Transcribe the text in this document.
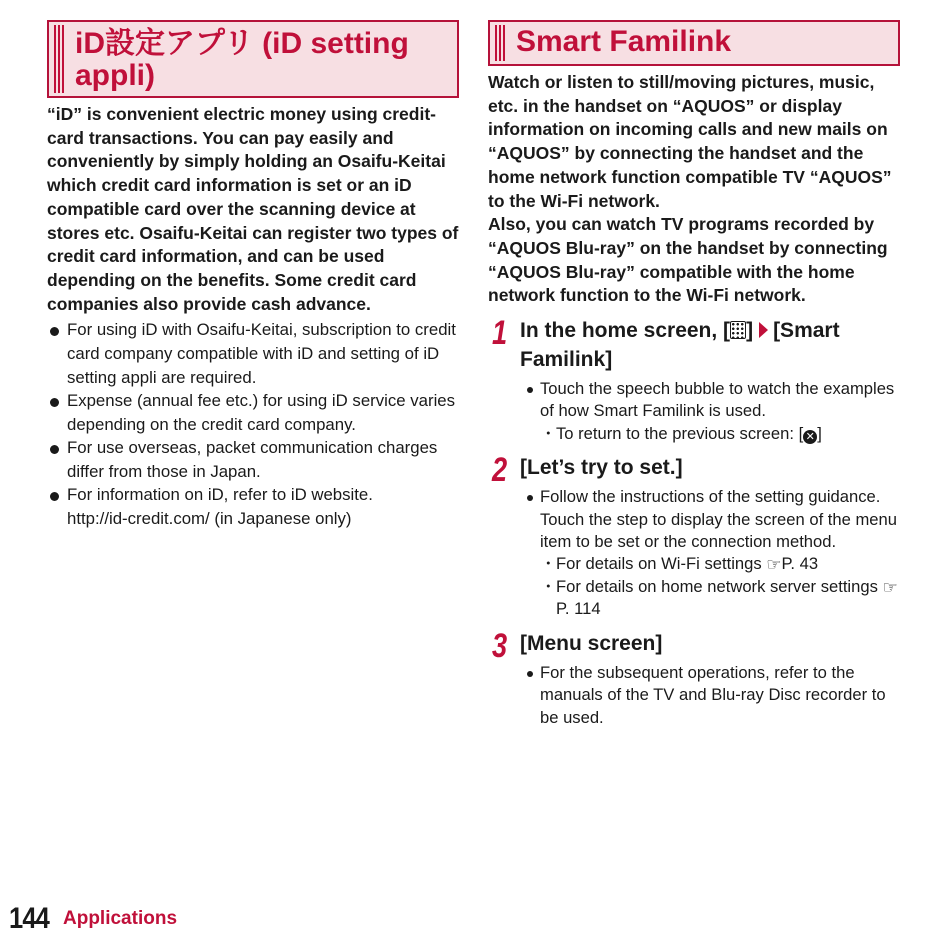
iD設定アプリ (iD setting appli)

“iD” is convenient electric money using credit-card transactions. You can pay easily and conveniently by simply holding an Osaifu-Keitai which credit card information is set or an iD compatible card over the scanning device at stores etc. Osaifu-Keitai can register two types of credit card information, and can be used depending on the benefits. Some credit card companies also provide cash advance.

For using iD with Osaifu-Keitai, subscription to credit card company compatible with iD and setting of iD setting appli are required.
Expense (annual fee etc.) for using iD service varies depending on the credit card company.
For use overseas, packet communication charges differ from those in Japan.
For information on iD, refer to iD website.
http://id-credit.com/ (in Japanese only)
Smart Familink

Watch or listen to still/moving pictures, music, etc. in the handset on “AQUOS” or display information on incoming calls and new mails on “AQUOS” by connecting the handset and the home network function compatible TV “AQUOS” to the Wi-Fi network.

Also, you can watch TV programs recorded by “AQUOS Blu-ray” on the handset by connecting “AQUOS Blu-ray” compatible with the home network function to the Wi-Fi network.

1 In the home screen, [ ] [Smart Familink]
Touch the speech bubble to watch the examples of how Smart Familink is used.
・ To return to the previous screen: [ ✕ ]
2 [Let’s try to set.]
Follow the instructions of the setting guidance. Touch the step to display the screen of the menu item to be set or the connection method.
・ For details on Wi-Fi settings ☞P. 43
・ For details on home network server settings ☞P. 114
3 [Menu screen]
For the subsequent operations, refer to the manuals of the TV and Blu-ray Disc recorder to be used.
144 Applications
